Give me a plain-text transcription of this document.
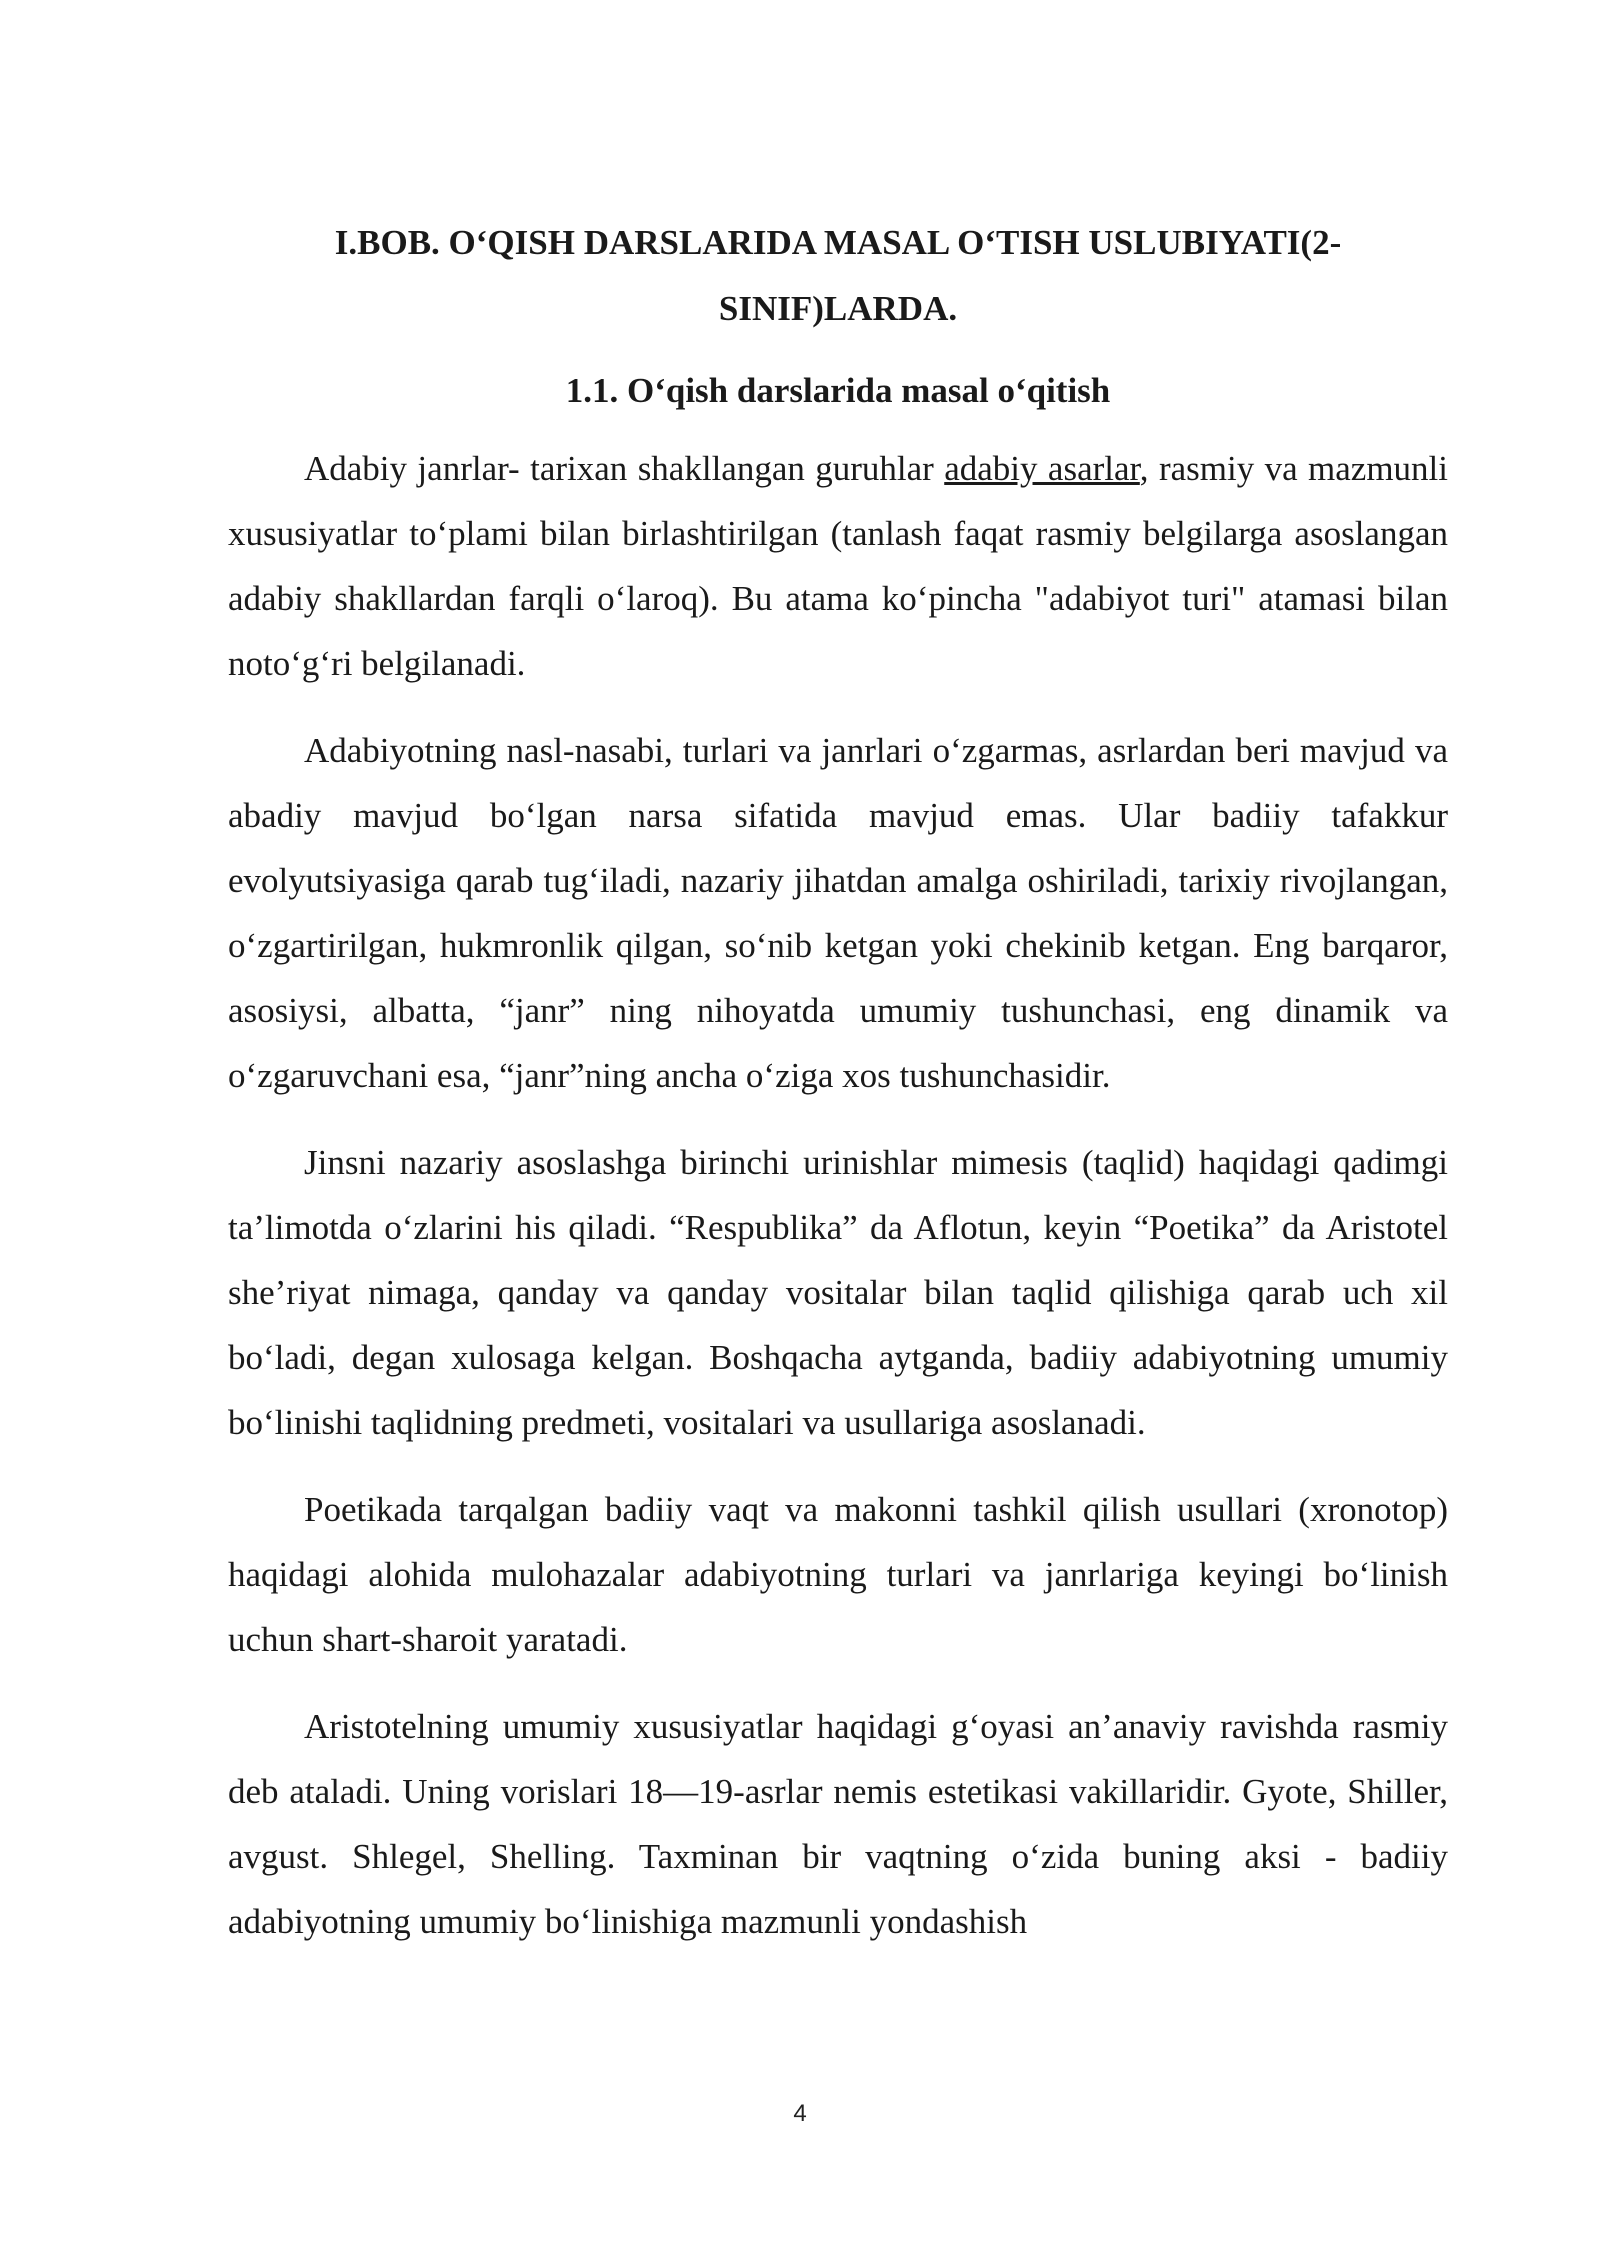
I.BOB. O‘QISH DARSLARIDA MASAL O‘TISH USLUBIYATI(2-
SINIF)LARDA.
1.1. O‘qish darslarida masal o‘qitish

Adabiy janrlar- tarixan shakllangan guruhlar adabiy asarlar, rasmiy va mazmunli xususiyatlar to‘plami bilan birlashtirilgan (tanlash faqat rasmiy belgilarga asoslangan adabiy shakllardan farqli o‘laroq). Bu atama ko‘pincha "adabiyot turi" atamasi bilan noto‘g‘ri belgilanadi.

Adabiyotning nasl-nasabi, turlari va janrlari o‘zgarmas, asrlardan beri mavjud va abadiy mavjud bo‘lgan narsa sifatida mavjud emas. Ular badiiy tafakkur evolyutsiyasiga qarab tug‘iladi, nazariy jihatdan amalga oshiriladi, tarixiy rivojlangan, o‘zgartirilgan, hukmronlik qilgan, so‘nib ketgan yoki chekinib ketgan. Eng barqaror, asosiysi, albatta, “janr” ning nihoyatda umumiy tushunchasi, eng dinamik va o‘zgaruvchani esa, “janr”ning ancha o‘ziga xos tushunchasidir.

Jinsni nazariy asoslashga birinchi urinishlar mimesis (taqlid) haqidagi qadimgi ta’limotda o‘zlarini his qiladi. “Respublika” da Aflotun, keyin “Poetika” da Aristotel she’riyat nimaga, qanday va qanday vositalar bilan taqlid qilishiga qarab uch xil bo‘ladi, degan xulosaga kelgan. Boshqacha aytganda, badiiy adabiyotning umumiy bo‘linishi taqlidning predmeti, vositalari va usullariga asoslanadi.

Poetikada tarqalgan badiiy vaqt va makonni tashkil qilish usullari (xronotop) haqidagi alohida mulohazalar adabiyotning turlari va janrlariga keyingi bo‘linish uchun shart-sharoit yaratadi.

Aristotelning umumiy xususiyatlar haqidagi g‘oyasi an’anaviy ravishda rasmiy deb ataladi. Uning vorislari 18—19-asrlar nemis estetikasi vakillaridir. Gyote, Shiller, avgust. Shlegel, Shelling. Taxminan bir vaqtning o‘zida buning aksi - badiiy adabiyotning umumiy bo‘linishiga mazmunli yondashish

4
